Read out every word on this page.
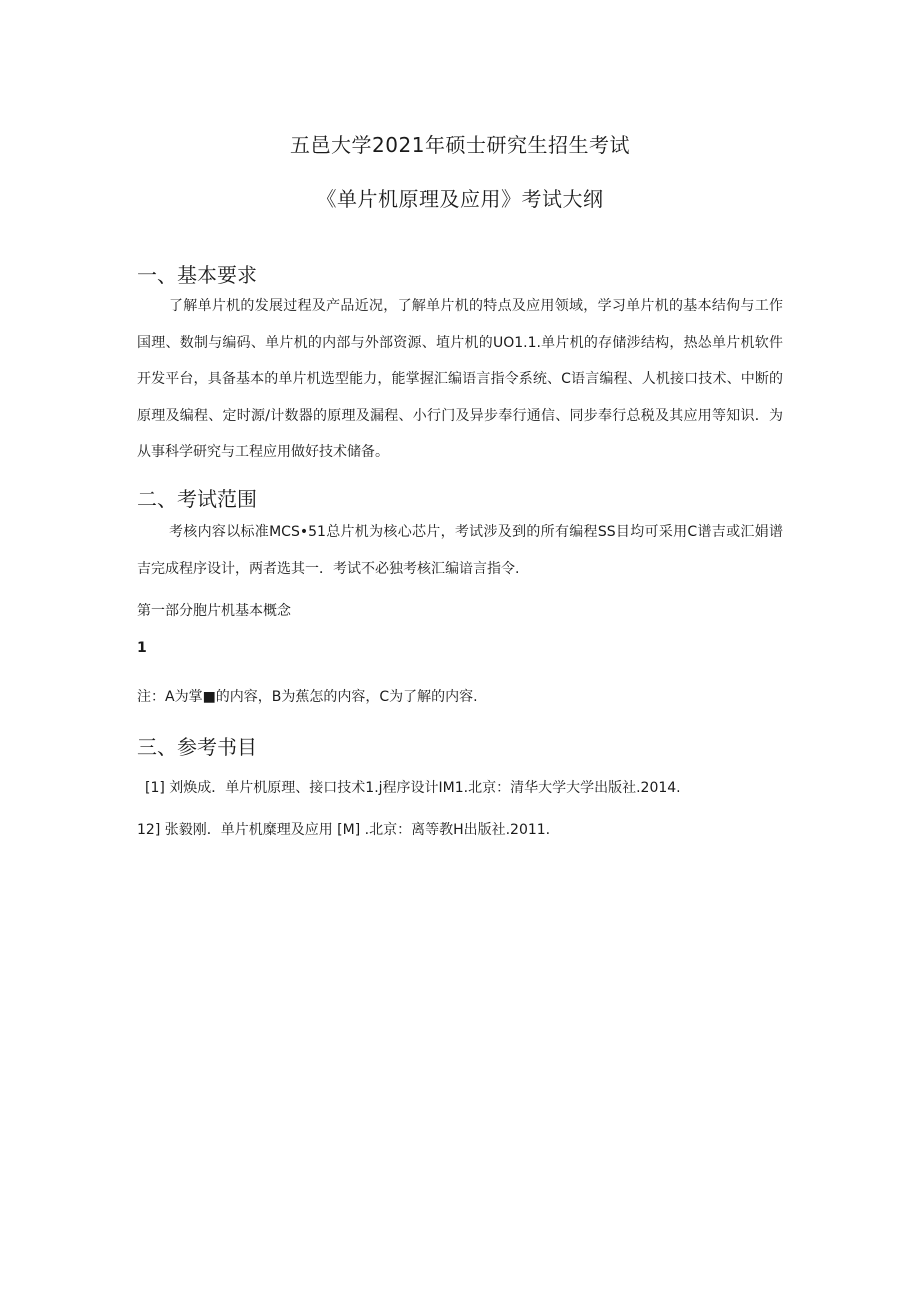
五邑大学2021年硕士研究生招生考试
《单片机原理及应用》考试大纲
一、基本要求

了解单片机的发展过程及产品近况，了解单片机的特点及应用领域，学习单片机的基本结佝与工作国理、数制与编码、单片机的内部与外部资源、埴片机的UO1.1.单片机的存储涉结构，热怂单片机软件开发平台，具备基本的单片机选型能力，能掌握汇编语言指令系统、C语言编程、人机接口技术、中断的原理及编程、定时源/计数器的原理及漏程、小行门及异步奉行通信、同步奉行总税及其应用等知识．为从事科学研究与工程应用做好技术储备。

二、考试范围

考核内容以标准MCS•51总片机为核心芯片，考试涉及到的所有编程SS目均可采用C谱吉或汇娟谱吉完成程序设计，两者选其一．考试不必独考核汇编谙言指令.

第一部分胞片机基本概念
1
注：A为掌■的内容，B为蕉怎的内容，C为了解的内容.
三、参考书目
[1] 刘焕成．单片机原理、接口技术1.j程序设计IM1.北京：清华大学大学出版社.2014.
12] 张毅刚．单片机糜理及应用 [M] .北京：离等教H出版社.2011.
